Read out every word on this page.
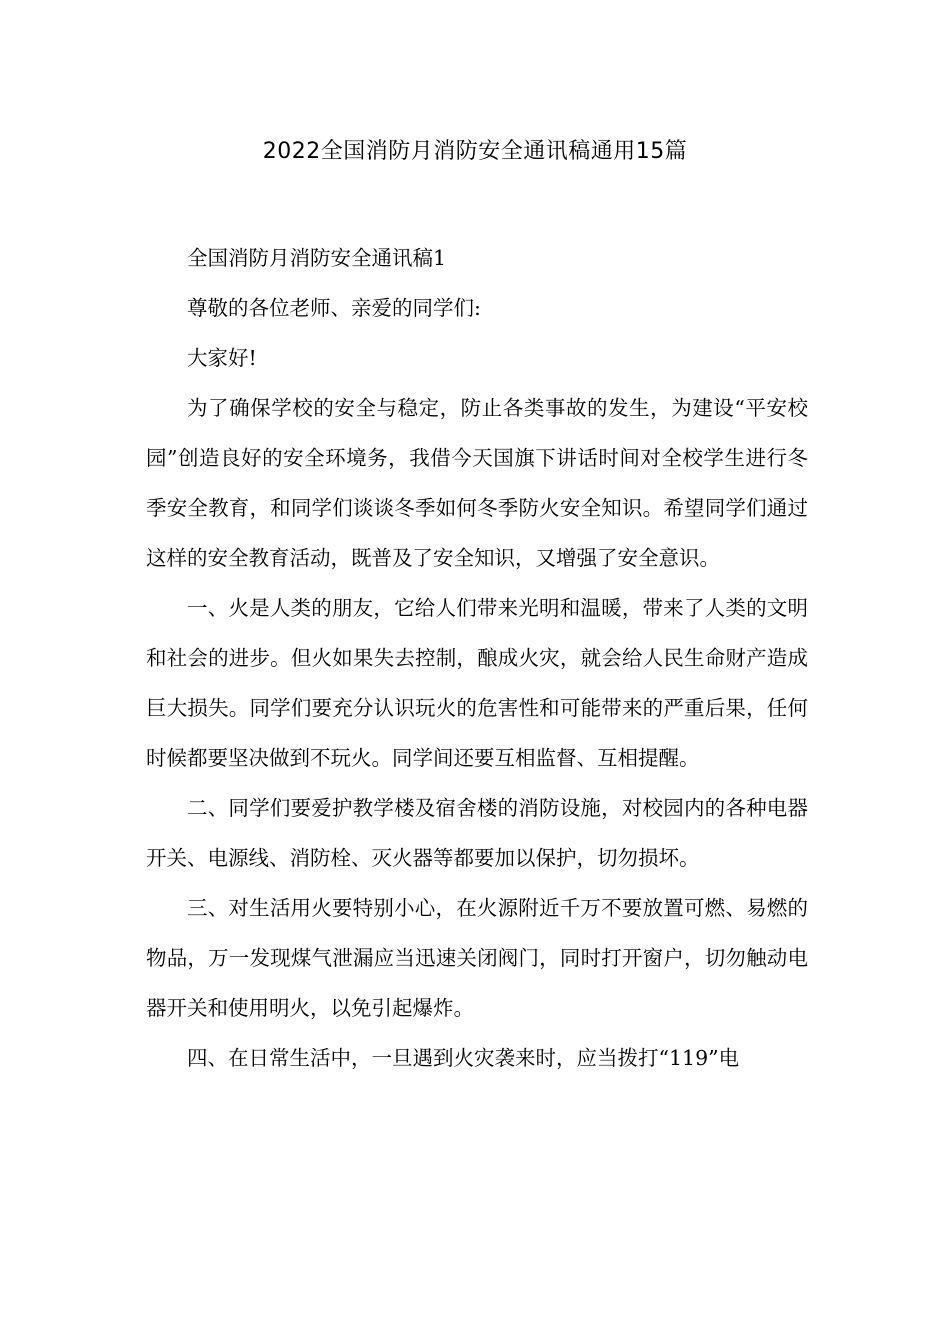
2022全国消防月消防安全通讯稿通用15篇

全国消防月消防安全通讯稿1

尊敬的各位老师、亲爱的同学们:

大家好!

为了确保学校的安全与稳定，防止各类事故的发生，为建设“平安校园”创造良好的安全环境务，我借今天国旗下讲话时间对全校学生进行冬季安全教育，和同学们谈谈冬季如何冬季防火安全知识。希望同学们通过这样的安全教育活动，既普及了安全知识，又增强了安全意识。

一、火是人类的朋友，它给人们带来光明和温暖，带来了人类的文明和社会的进步。但火如果失去控制，酿成火灾，就会给人民生命财产造成巨大损失。同学们要充分认识玩火的危害性和可能带来的严重后果，任何时候都要坚决做到不玩火。同学间还要互相监督、互相提醒。

二、同学们要爱护教学楼及宿舍楼的消防设施，对校园内的各种电器开关、电源线、消防栓、灭火器等都要加以保护，切勿损坏。

三、对生活用火要特别小心，在火源附近千万不要放置可燃、易燃的物品，万一发现煤气泄漏应当迅速关闭阀门，同时打开窗户，切勿触动电器开关和使用明火，以免引起爆炸。

四、在日常生活中，一旦遇到火灾袭来时，应当拨打“119”电
